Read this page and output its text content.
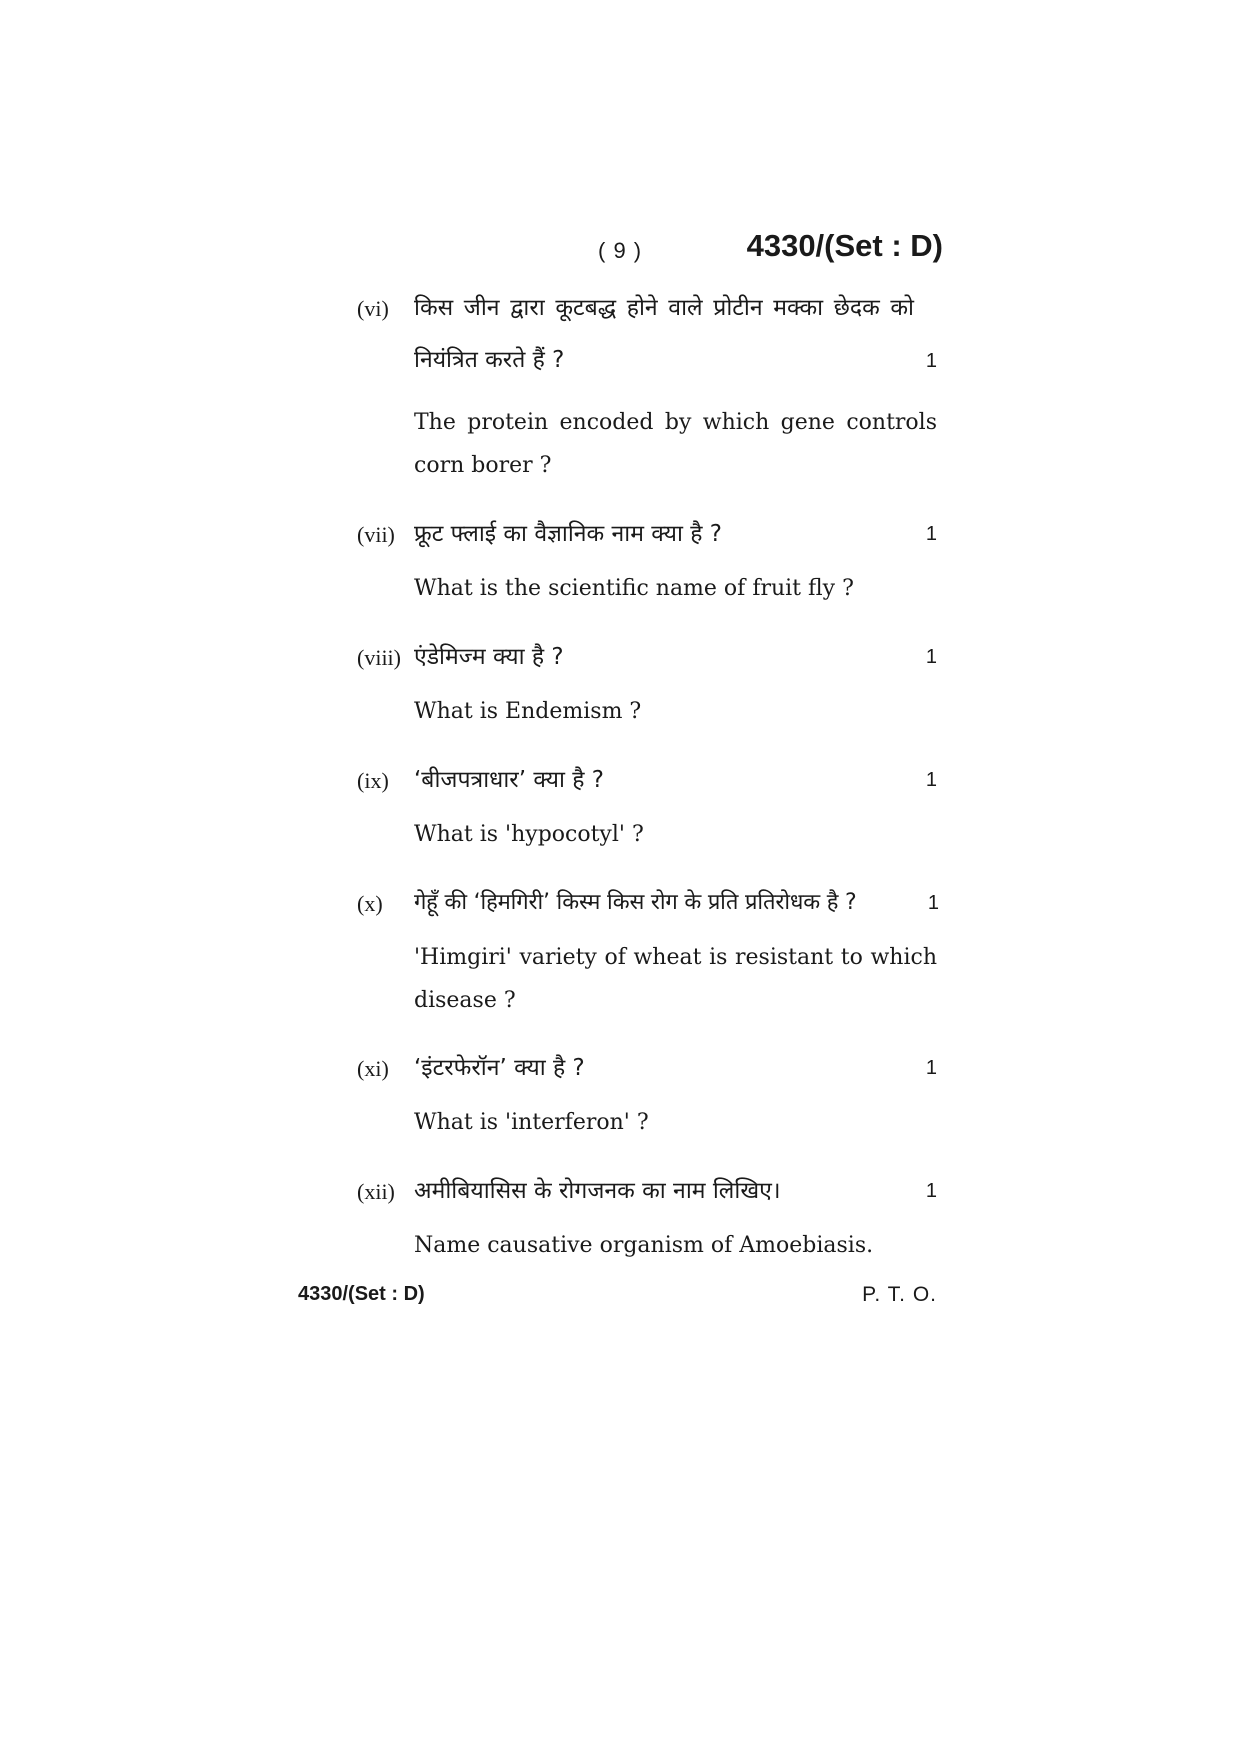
( 9 )	4330/(Set : D)
(vi) किस जीन द्वारा कूटबद्ध होने वाले प्रोटीन मक्का छेदक को नियंत्रित करते हैं ?	1
The protein encoded by which gene controls corn borer ?
(vii) फ्रूट फ्लाई का वैज्ञानिक नाम क्या है ?	1
What is the scientific name of fruit fly ?
(viii) एंडेमिज्म क्या है ?	1
What is Endemism ?
(ix) ‘बीजपत्राधार’ क्या है ?	1
What is 'hypocotyl' ?
(x) गेहूँ की ‘हिमगिरी’ किस्म किस रोग के प्रति प्रतिरोधक है ?	1
'Himgiri' variety of wheat is resistant to which disease ?
(xi) ‘इंटरफेरॉन’ क्या है ?	1
What is 'interferon' ?
(xii) अमीबियासिस के रोगजनक का नाम लिखिए।	1
Name causative organism of Amoebiasis.
4330/(Set : D)	P. T. O.
